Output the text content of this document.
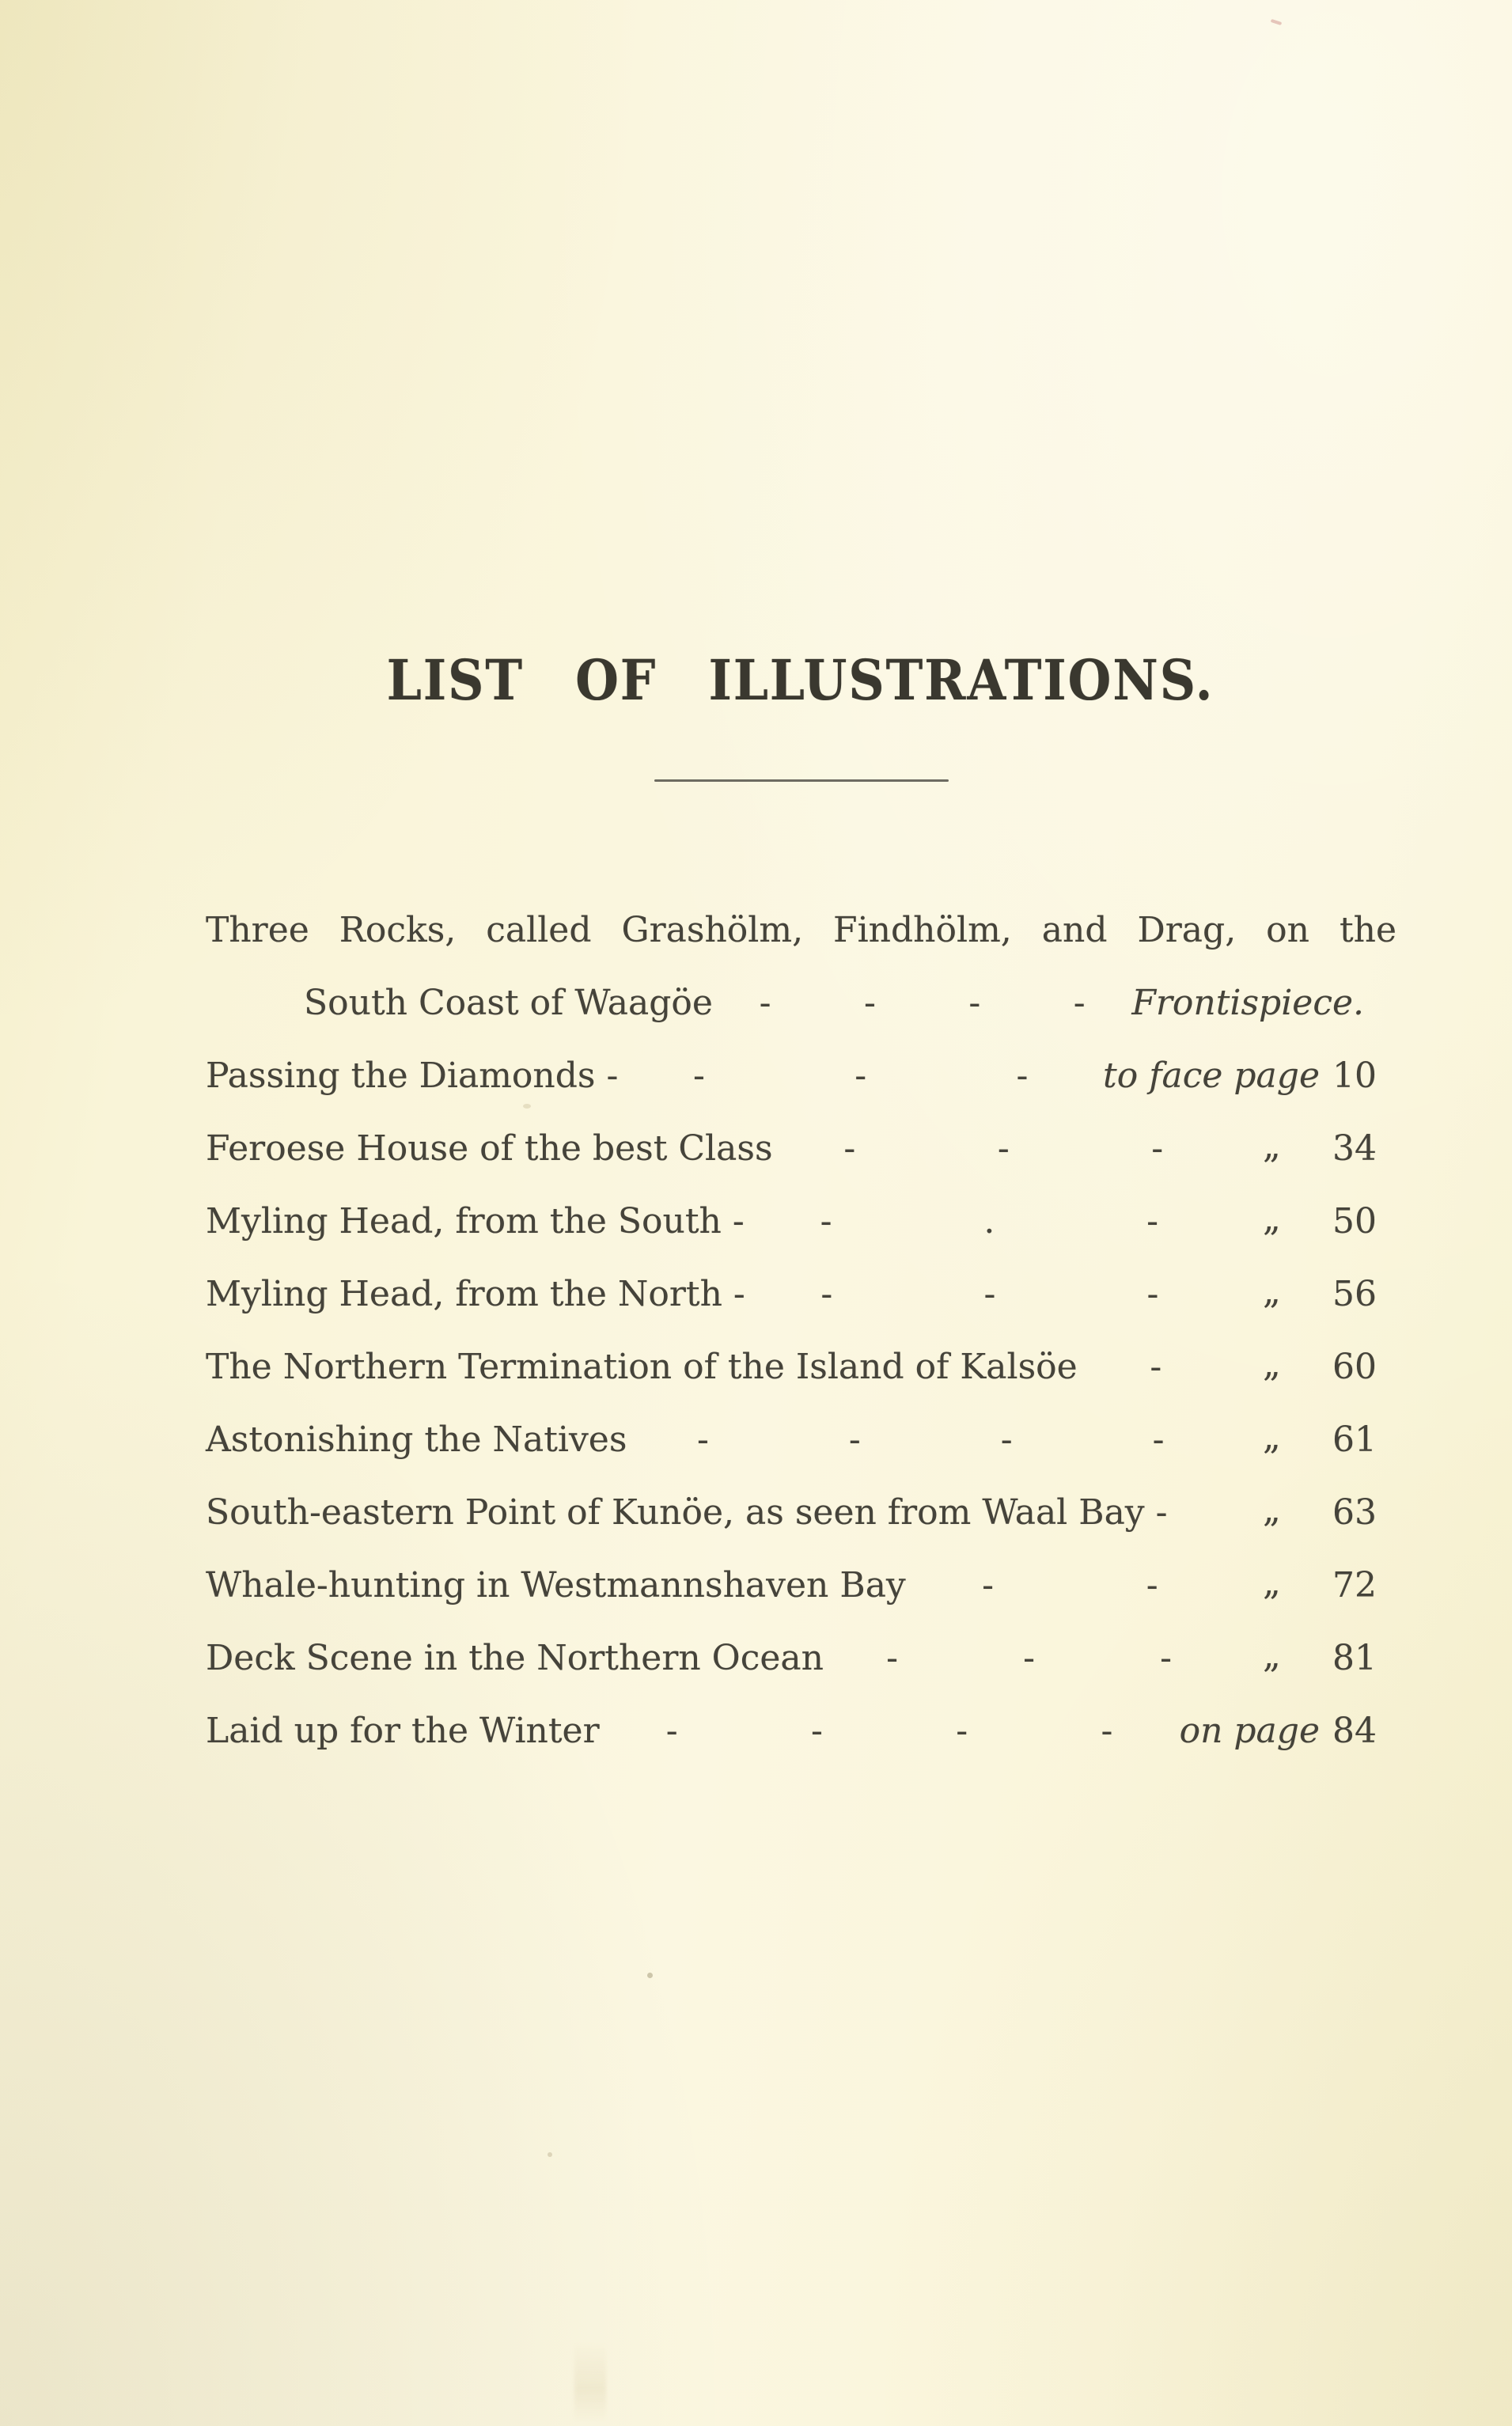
LIST OF ILLUSTRATIONS.
Three Rocks, called Grashölm, Findhölm, and Drag, on the
South Coast of Waagöe -	-	-	- Frontispiece.
Passing the Diamonds - -	-	- to face page 10
Feroese House of the best Class -	-	-	„ 34
Myling Head, from the South - -	.	-	„ 50
Myling Head, from the North - -	-	-	„ 56
The Northern Termination of the Island of Kalsöe -	„ 60
Astonishing the Natives -	-	-	-	„ 61
South-eastern Point of Kunöe, as seen from Waal Bay -	„ 63
Whale-hunting in Westmannshaven Bay -	-	„ 72
Deck Scene in the Northern Ocean -	-	-	„ 81
Laid up for the Winter -	-	-	- on page 84
